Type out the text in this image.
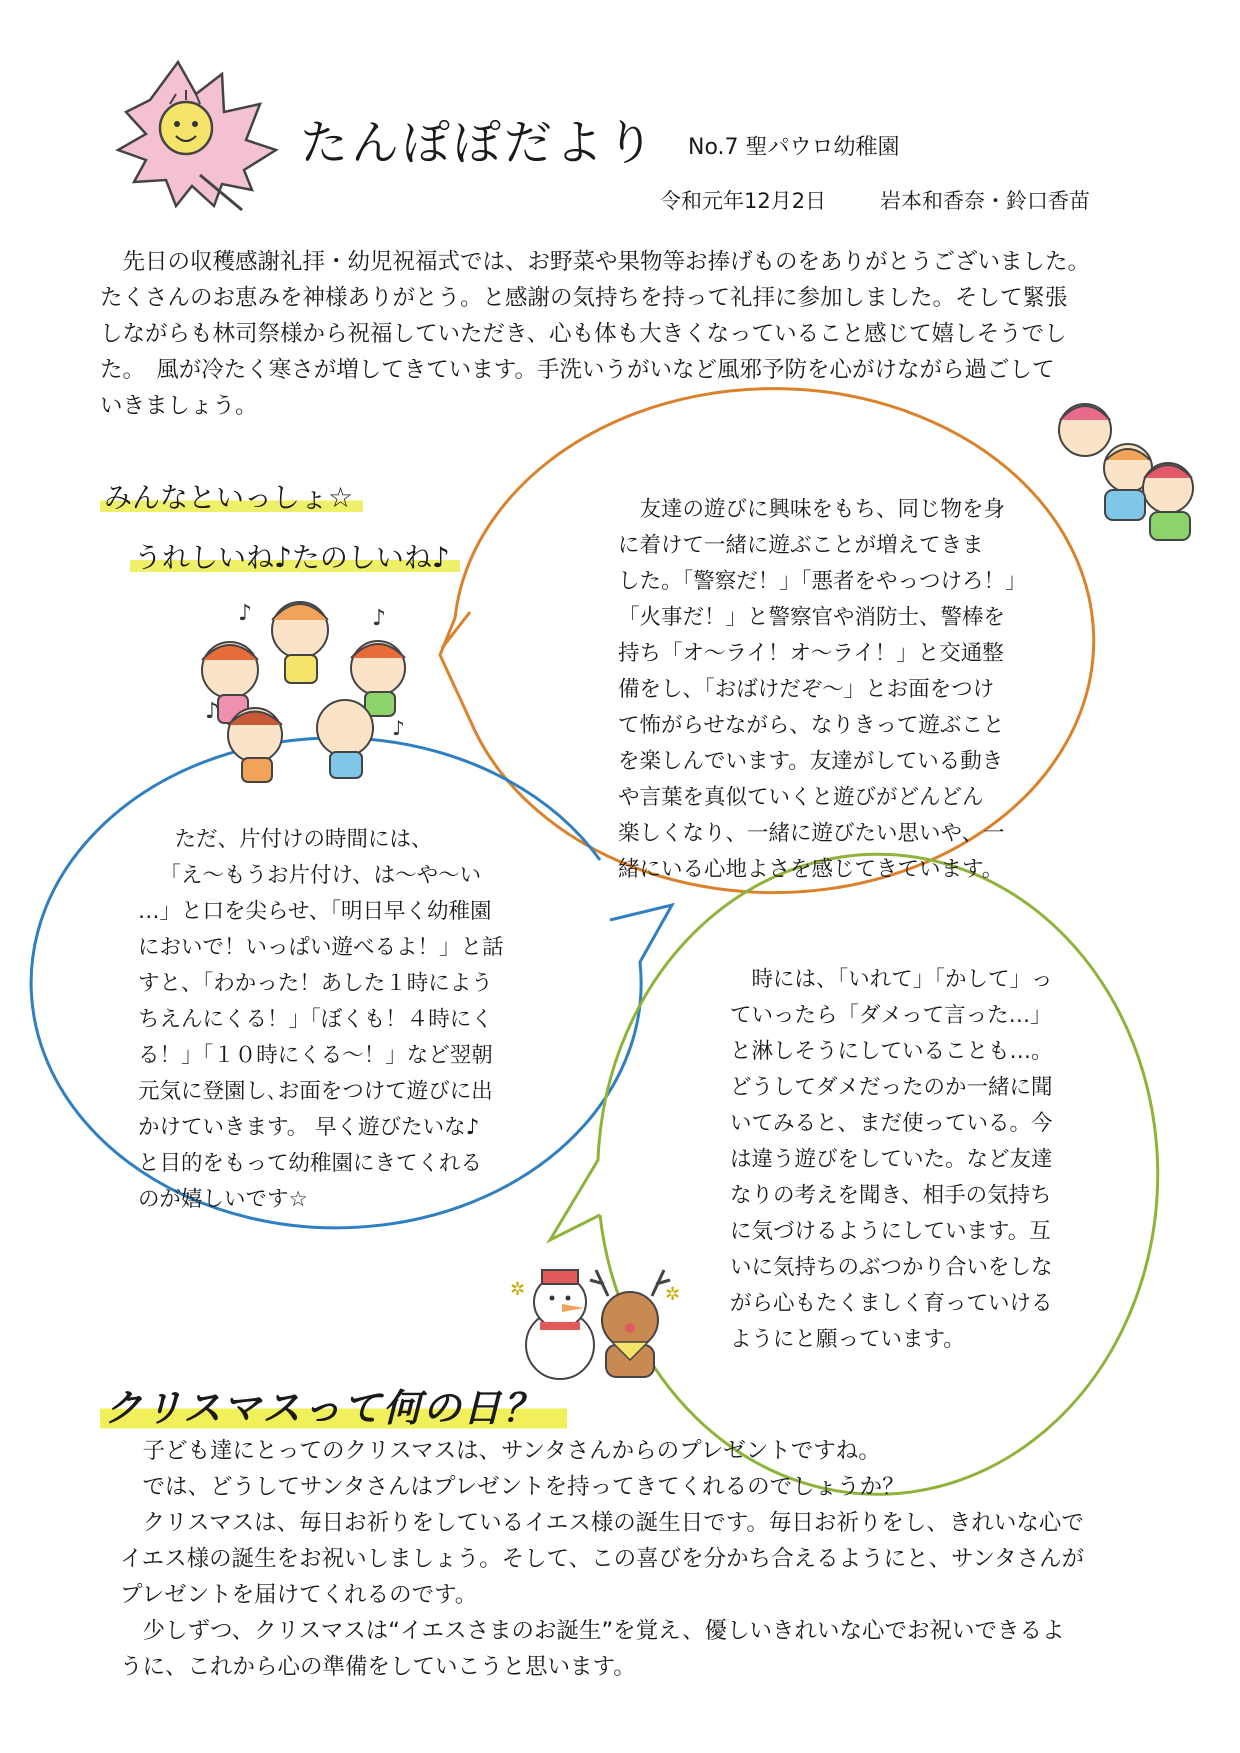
♪	♪
♪
♪
✲	✲
たんぽぽだより No.7 聖パウロ幼稚園
令和元年12月2日	岩本和香奈・鈴口香苗

先日の収穫感謝礼拝・幼児祝福式では、お野菜や果物等お捧げものをありがとうございました。

たくさんのお恵みを神様ありがとう。と感謝の気持ちを持って礼拝に参加しました。そして緊張

しながらも林司祭様から祝福していただき、心も体も大きくなっていること感じて嬉しそうでし

た。　風が冷たく寒さが増してきています。手洗いうがいなど風邪予防を心がけながら過ごして

いきましょう。

みんなといっしょ☆
うれしいね♪たのしいね♪

友達の遊びに興味をもち、同じ物を身

に着けて一緒に遊ぶことが増えてきま

した。「警察だ！」「悪者をやっつけろ！」

「火事だ！」と警察官や消防士、警棒を

持ち「オ～ライ！オ～ライ！」と交通整

備をし、「おばけだぞ～」とお面をつけ

て怖がらせながら、なりきって遊ぶこと

を楽しんでいます。友達がしている動き

や言葉を真似ていくと遊びがどんどん

楽しくなり、一緒に遊びたい思いや、一

緒にいる心地よさを感じてきています。

ただ、片付けの時間には、

「え～もうお片付け、は～や～い

…」と口を尖らせ、「明日早く幼稚園

においで！いっぱい遊べるよ！」と話

すと、「わかった！あした１時によう

ちえんにくる！」「ぼくも！４時にく

る！」「１０時にくる～！」など翌朝

元気に登園し､お面をつけて遊びに出

かけていきます。 早く遊びたいな♪

と目的をもって幼稚園にきてくれる

のが嬉しいです☆

時には、「いれて」「かして」っ

ていったら「ダメって言った…」

と淋しそうにしていることも…。

どうしてダメだったのか一緒に聞

いてみると、まだ使っている。今

は違う遊びをしていた。など友達

なりの考えを聞き、相手の気持ち

に気づけるようにしています。互

いに気持ちのぶつかり合いをしな

がら心もたくましく育っていける

ようにと願っています。

クリスマスって何の日？

子ども達にとってのクリスマスは、サンタさんからのプレゼントですね。

では、どうしてサンタさんはプレゼントを持ってきてくれるのでしょうか？

クリスマスは、毎日お祈りをしているイエス様の誕生日です。毎日お祈りをし、きれいな心で

イエス様の誕生をお祝いしましょう。そして、この喜びを分かち合えるようにと、サンタさんが

プレゼントを届けてくれるのです。

少しずつ、クリスマスは“イエスさまのお誕生”を覚え、優しいきれいな心でお祝いできるよ

うに、これから心の準備をしていこうと思います。
